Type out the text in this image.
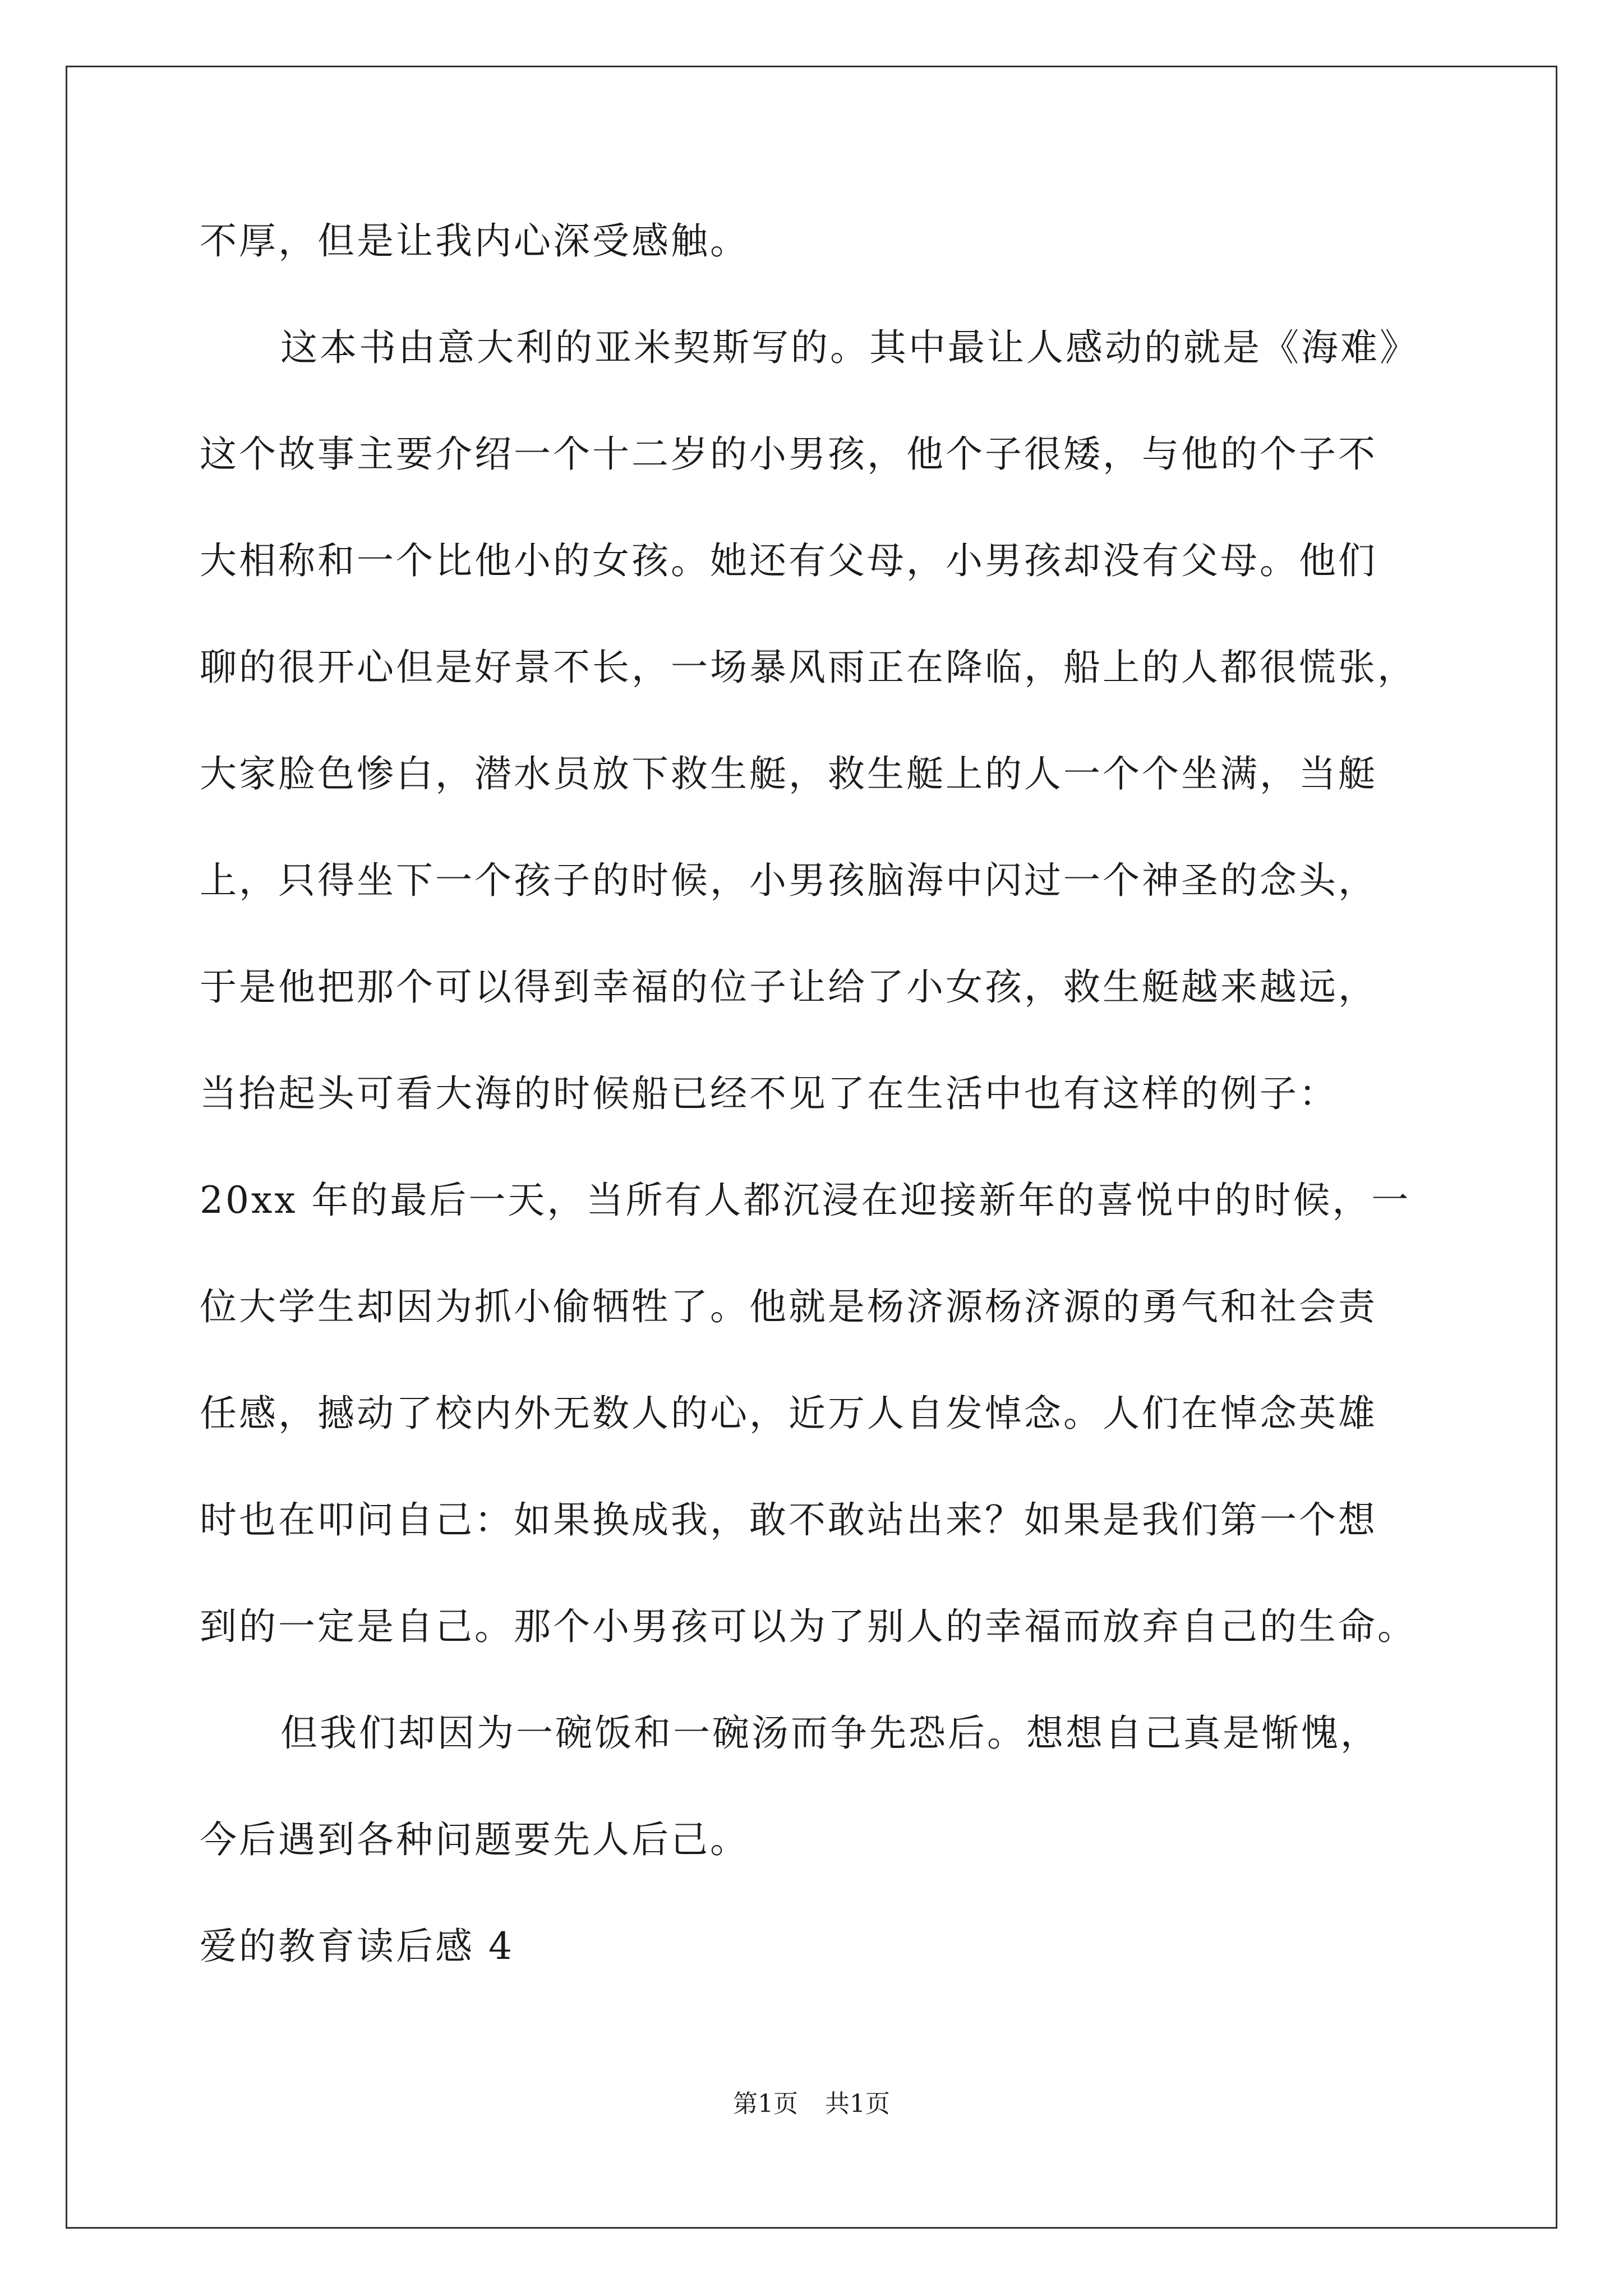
不厚，但是让我内心深受感触。
这本书由意大利的亚米契斯写的。其中最让人感动的就是《海难》
这个故事主要介绍一个十二岁的小男孩，他个子很矮，与他的个子不
大相称和一个比他小的女孩。她还有父母，小男孩却没有父母。他们
聊的很开心但是好景不长，一场暴风雨正在降临，船上的人都很慌张，
大家脸色惨白，潜水员放下救生艇，救生艇上的人一个个坐满，当艇
上，只得坐下一个孩子的时候，小男孩脑海中闪过一个神圣的念头，
于是他把那个可以得到幸福的位子让给了小女孩，救生艇越来越远，
当抬起头可看大海的时候船已经不见了在生活中也有这样的例子：
20xx 年的最后一天，当所有人都沉浸在迎接新年的喜悦中的时候，一
位大学生却因为抓小偷牺牲了。他就是杨济源杨济源的勇气和社会责
任感，撼动了校内外无数人的心，近万人自发悼念。人们在悼念英雄
时也在叩问自己：如果换成我，敢不敢站出来？如果是我们第一个想
到的一定是自己。那个小男孩可以为了别人的幸福而放弃自己的生命。
但我们却因为一碗饭和一碗汤而争先恐后。想想自己真是惭愧，
今后遇到各种问题要先人后己。
爱的教育读后感 4
第1页 共1页
